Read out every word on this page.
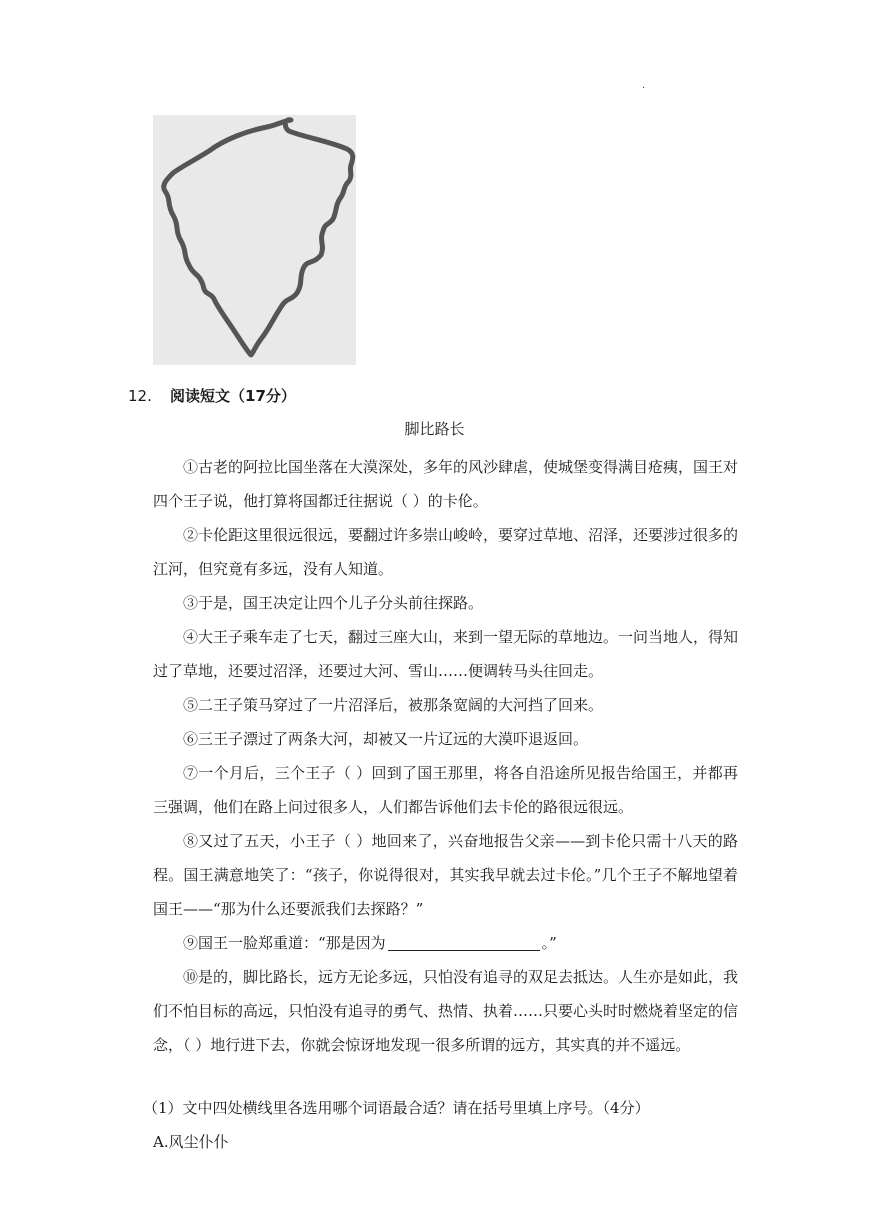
.
12. 阅读短文（17分）
脚比路长

①古老的阿拉比国坐落在大漠深处，多年的风沙肆虐，使城堡变得满目疮痍，国王对四个王子说，他打算将国都迁往据说（ ）的卡伦。

②卡伦距这里很远很远，要翻过许多崇山峻岭，要穿过草地、沼泽，还要涉过很多的江河，但究竟有多远，没有人知道。

③于是，国王决定让四个儿子分头前往探路。

④大王子乘车走了七天，翻过三座大山，来到一望无际的草地边。一问当地人，得知过了草地，还要过沼泽，还要过大河、雪山……便调转马头往回走。

⑤二王子策马穿过了一片沼泽后，被那条宽阔的大河挡了回来。

⑥三王子漂过了两条大河，却被又一片辽远的大漠吓退返回。

⑦一个月后，三个王子（ ）回到了国王那里，将各自沿途所见报告给国王，并都再三强调，他们在路上问过很多人，人们都告诉他们去卡伦的路很远很远。

⑧又过了五天，小王子（ ）地回来了，兴奋地报告父亲——到卡伦只需十八天的路程。国王满意地笑了：“孩子，你说得很对，其实我早就去过卡伦。”几个王子不解地望着国王——“那为什么还要派我们去探路？”

⑨国王一脸郑重道：“那是因为	。”

⑩是的，脚比路长，远方无论多远，只怕没有追寻的双足去抵达。人生亦是如此，我们不怕目标的高远，只怕没有追寻的勇气、热情、执着……只要心头时时燃烧着坚定的信念，（ ）地行进下去，你就会惊讶地发现一很多所谓的远方，其实真的并不遥远。

（1）文中四处横线里各选用哪个词语最合适？请在括号里填上序号。（4分）
A.风尘仆仆
